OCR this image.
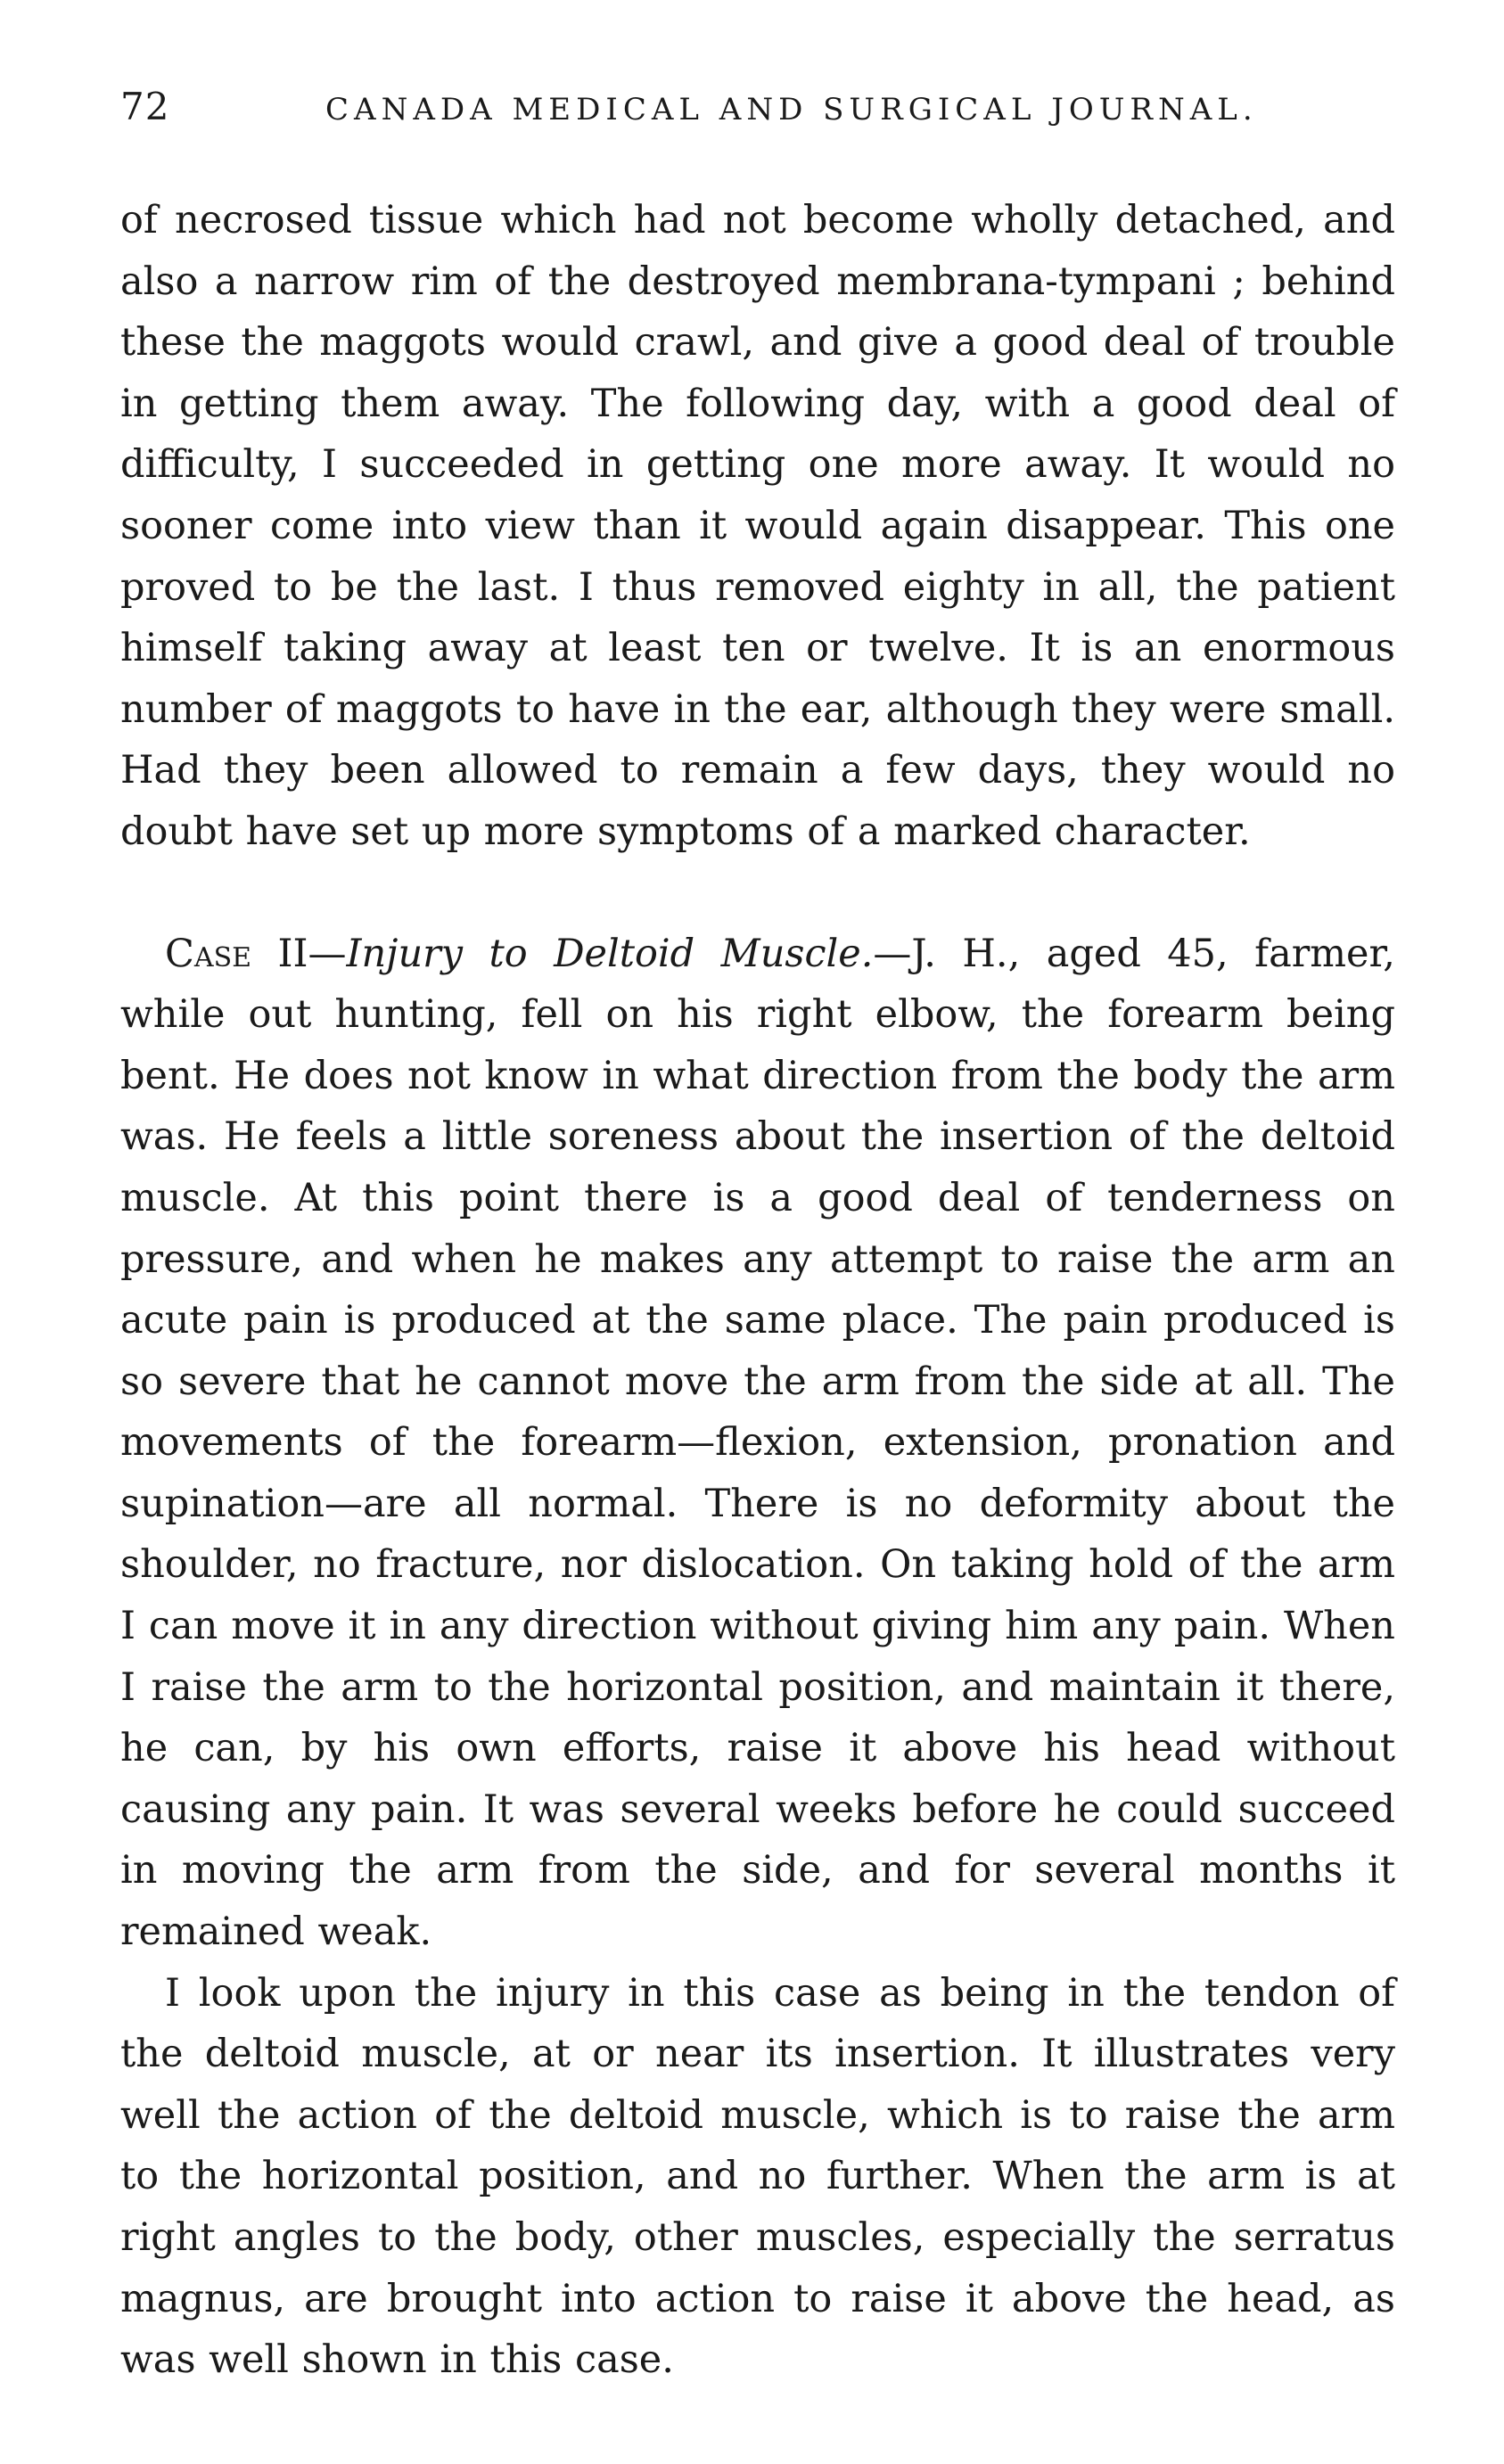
72	CANADA MEDICAL AND SURGICAL JOURNAL.

of necrosed tissue which had not become wholly detached, and also a narrow rim of the destroyed membrana-tympani ; behind these the maggots would crawl, and give a good deal of trouble in getting them away. The following day, with a good deal of difficulty, I succeeded in getting one more away. It would no sooner come into view than it would again disappear. This one proved to be the last. I thus removed eighty in all, the patient himself taking away at least ten or twelve. It is an enormous number of maggots to have in the ear, although they were small. Had they been allowed to remain a few days, they would no doubt have set up more symptoms of a marked character.

Case II—Injury to Deltoid Muscle.—J. H., aged 45, farmer, while out hunting, fell on his right elbow, the forearm being bent. He does not know in what direction from the body the arm was. He feels a little soreness about the insertion of the deltoid muscle. At this point there is a good deal of tenderness on pressure, and when he makes any attempt to raise the arm an acute pain is produced at the same place. The pain produced is so severe that he cannot move the arm from the side at all. The movements of the forearm—flexion, extension, pronation and supination—are all normal. There is no deformity about the shoulder, no fracture, nor dislocation. On taking hold of the arm I can move it in any direction without giving him any pain. When I raise the arm to the horizontal position, and maintain it there, he can, by his own efforts, raise it above his head without causing any pain. It was several weeks before he could succeed in moving the arm from the side, and for several months it remained weak.

I look upon the injury in this case as being in the tendon of the deltoid muscle, at or near its insertion. It illustrates very well the action of the deltoid muscle, which is to raise the arm to the horizontal position, and no further. When the arm is at right angles to the body, other muscles, especially the serratus magnus, are brought into action to raise it above the head, as was well shown in this case.
